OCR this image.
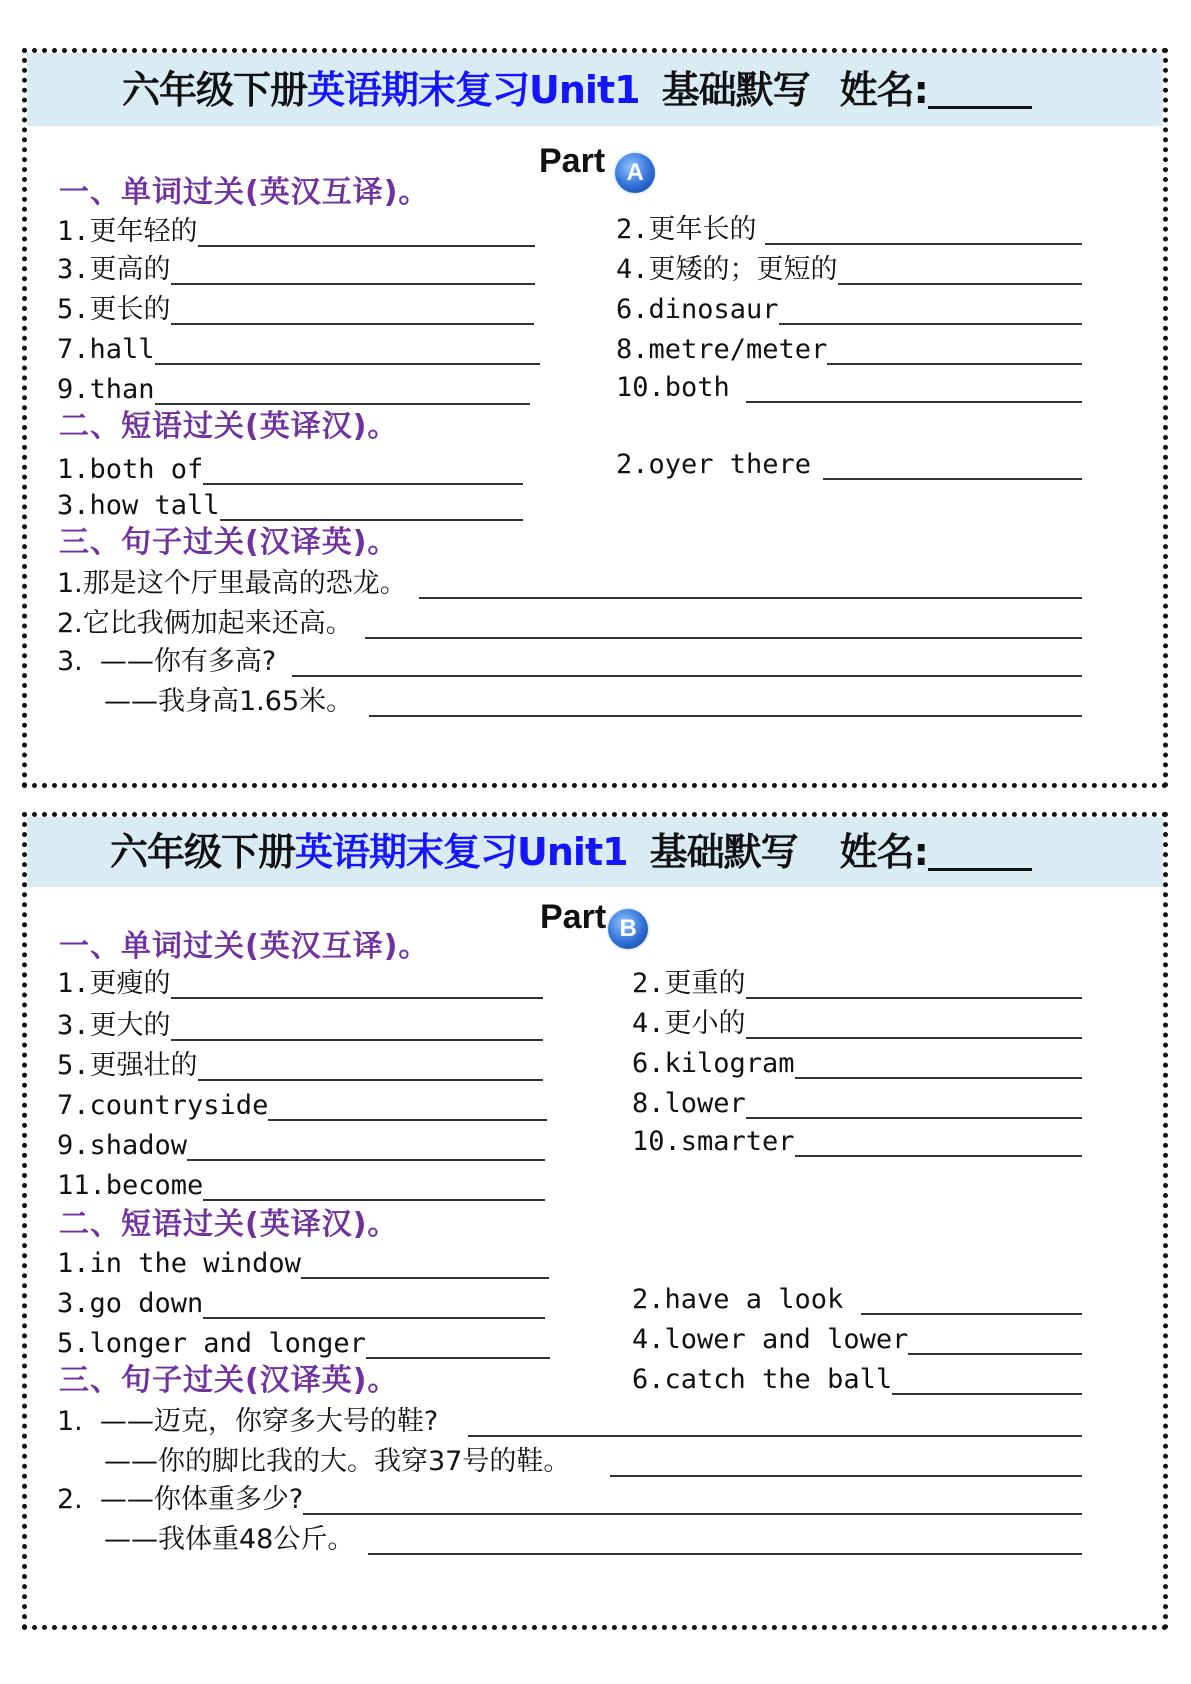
六年级下册英语期末复习Unit1 基础默写 姓名:
Part A
一、单词过关(英汉互译)。
1.更年轻的
3.更高的
5.更长的
7.hall
9.than
2.更年长的
4.更矮的；更短的
6.dinosaur
8.metre/meter
10.both
二、短语过关(英译汉)。
1.both of	2.oyer there
3.how tall
三、句子过关(汉译英)。
1.那是这个厅里最高的恐龙。
2.它比我俩加起来还高。
3.  ——你有多高?
——我身高1.65米。
六年级下册英语期末复习Unit1 基础默写 姓名:
Part B
一、单词过关(英汉互译)。
1.更瘦的
3.更大的
5.更强壮的
7.countryside
9.shadow
11.become
2.更重的
4.更小的
6.kilogram
8.lower
10.smarter
二、短语过关(英译汉)。
1.in the window
3.go down
5.longer and longer
2.have a look
4.lower and lower
6.catch the ball
三、句子过关(汉译英)。
1.  ——迈克，你穿多大号的鞋?
——你的脚比我的大。我穿37号的鞋。
2.  ——你体重多少?
——我体重48公斤。
